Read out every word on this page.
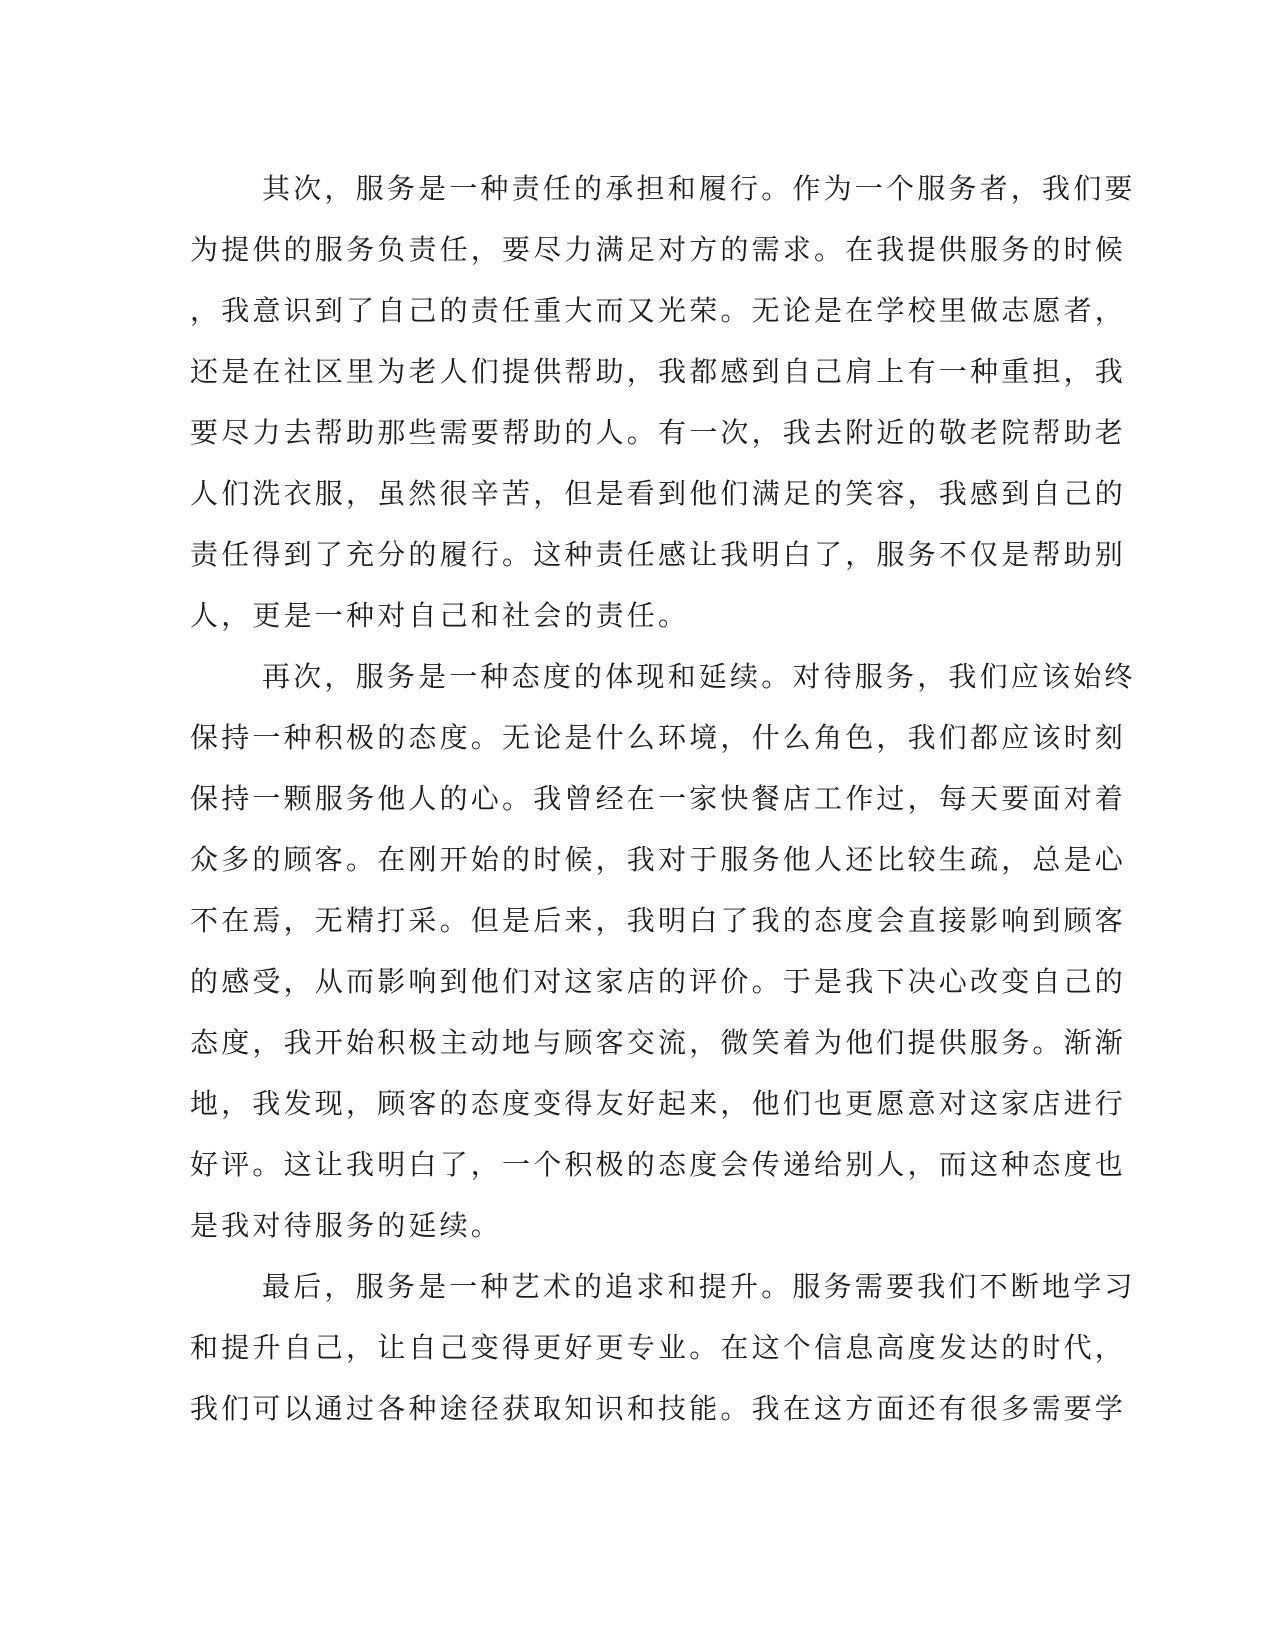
其次，服务是一种责任的承担和履行。作为一个服务者，我们要
为提供的服务负责任，要尽力满足对方的需求。在我提供服务的时候
，我意识到了自己的责任重大而又光荣。无论是在学校里做志愿者，
还是在社区里为老人们提供帮助，我都感到自己肩上有一种重担，我
要尽力去帮助那些需要帮助的人。有一次，我去附近的敬老院帮助老
人们洗衣服，虽然很辛苦，但是看到他们满足的笑容，我感到自己的
责任得到了充分的履行。这种责任感让我明白了，服务不仅是帮助别
人，更是一种对自己和社会的责任。
再次，服务是一种态度的体现和延续。对待服务，我们应该始终
保持一种积极的态度。无论是什么环境，什么角色，我们都应该时刻
保持一颗服务他人的心。我曾经在一家快餐店工作过，每天要面对着
众多的顾客。在刚开始的时候，我对于服务他人还比较生疏，总是心
不在焉，无精打采。但是后来，我明白了我的态度会直接影响到顾客
的感受，从而影响到他们对这家店的评价。于是我下决心改变自己的
态度，我开始积极主动地与顾客交流，微笑着为他们提供服务。渐渐
地，我发现，顾客的态度变得友好起来，他们也更愿意对这家店进行
好评。这让我明白了，一个积极的态度会传递给别人，而这种态度也
是我对待服务的延续。
最后，服务是一种艺术的追求和提升。服务需要我们不断地学习
和提升自己，让自己变得更好更专业。在这个信息高度发达的时代，
我们可以通过各种途径获取知识和技能。我在这方面还有很多需要学
